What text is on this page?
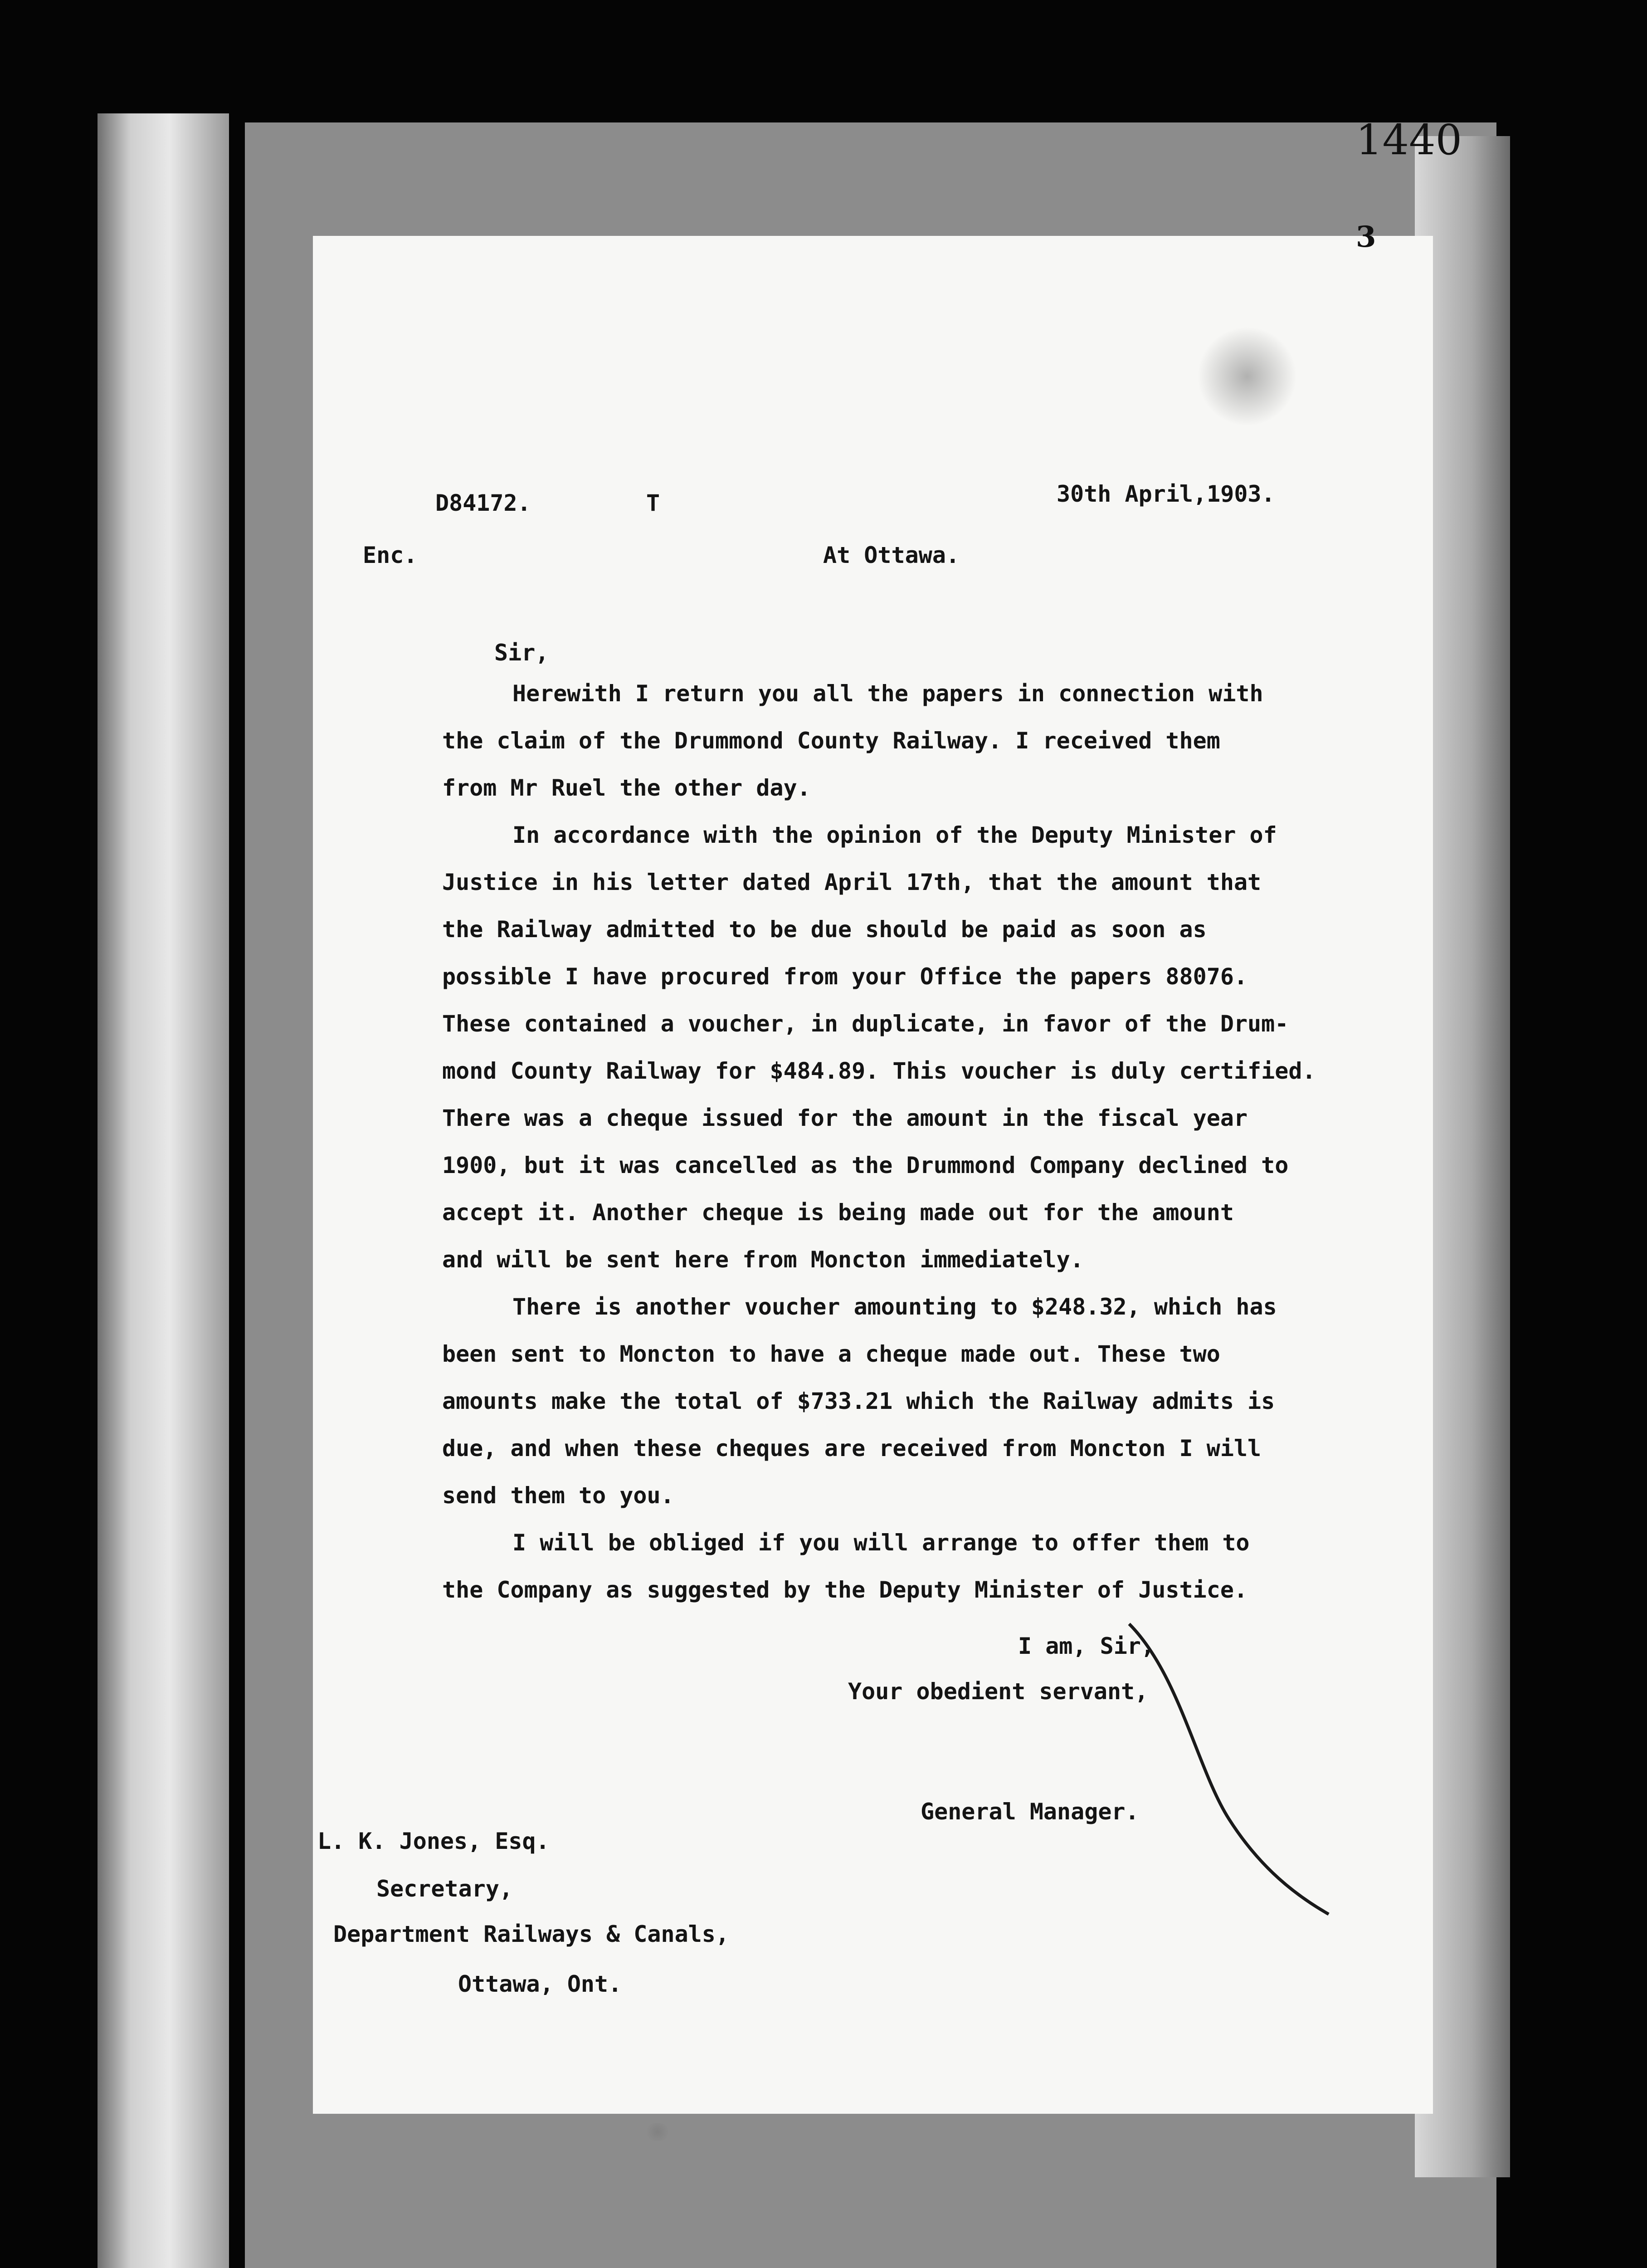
1440
3
D84172.	T	30th April,1903.
Enc.	At Ottawa.
Sir,
Herewith I return you all the papers in connection with
the claim of the Drummond County Railway. I received them
from Mr Ruel the other day.
In accordance with the opinion of the Deputy Minister of
Justice in his letter dated April 17th, that the amount that
the Railway admitted to be due should be paid as soon as
possible I have procured from your Office the papers 88076.
These contained a voucher, in duplicate, in favor of the Drum-
mond County Railway for $484.89. This voucher is duly certified.
There was a cheque issued for the amount in the fiscal year
1900, but it was cancelled as the Drummond Company declined to
accept it. Another cheque is being made out for the amount
and will be sent here from Moncton immediately.
There is another voucher amounting to $248.32, which has
been sent to Moncton to have a cheque made out. These two
amounts make the total of $733.21 which the Railway admits is
due, and when these cheques are received from Moncton I will
send them to you.
I will be obliged if you will arrange to offer them to
the Company as suggested by the Deputy Minister of Justice.
I am, Sir,
Your obedient servant,
General Manager.
L. K. Jones, Esq.
Secretary,
Department Railways & Canals,
Ottawa, Ont.
